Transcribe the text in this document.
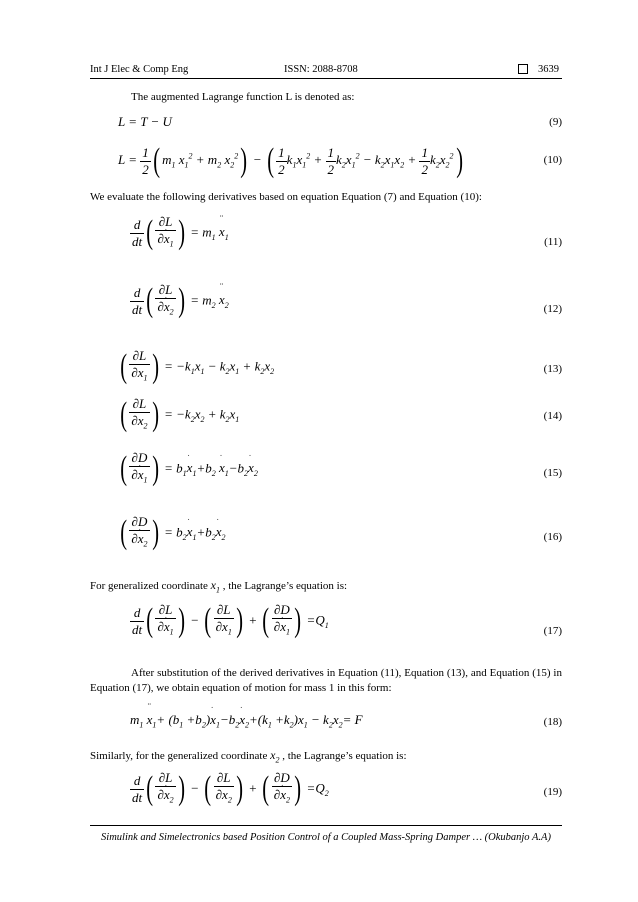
Int J Elec & Comp Eng	ISSN: 2088-8708	3639
The augmented Lagrange function L is denoted as:
L = T − U	(9)
$L = \frac{1}{2}$ ( $m_1$ $x_1^2 + m_2$ $x_2^2$) − ( $\frac{1}{2} k_1x_1^2 + \frac{1}{2} k_2x_1^2 - k_2x_1x_2 + \frac{1}{2} k_2x_2^2$)	(10)
We evaluate the following derivatives based on equation Equation (7) and Equation (10):
$\frac{d}{dt}$ ( $\frac{\partial L}{\partial\cdot x_1}$ ) = $m_1$ ¨ $x_1$	(11)
$\frac{d}{dt}$ ( $\frac{\partial L}{\partial\cdot x_2}$ ) = $m_2$ ¨ $x_2$	(12)
( $\frac{\partial L}{\partial x_1}$ ) = $-k_1x_1 - k_2x_1 + k_2x_2$	(13)
( $\frac{\partial L}{\partial x_2}$ ) = $-k_2x_2 + k_2x_1$	(14)
( $\frac{\partial D}{\partial\cdot x_1}$ ) = $b_1\cdot x_1+b_2 \cdot x_1-b_2\cdot x_2$	(15)
( $\frac{\partial D}{\partial\cdot x_2}$ ) = $b_2\cdot x_1+b_2\cdot x_2$	(16)
For generalized coordinate $x_1$ , the Lagrange’s equation is:
$\frac{d}{dt}$ ( $\frac{\partial L}{\partial\cdot x_1}$ ) − ( $\frac{\partial L}{\partial x_1}$ ) + ( $\frac{\partial D}{\partial\cdot x_1}$ ) $=Q_1$	(17)
After substitution of the derived derivatives in Equation (11), Equation (13), and Equation (15) in Equation (17), we obtain equation of motion for mass 1 in this form:
$m_1$ ¨ $x_1+ (b_1 +b_2)\cdot x_1-b_2\cdot x_2+(k_1 +k_2)x_1 - k_2x_2= F$	(18)
Similarly, for the generalized coordinate $x_2$ , the Lagrange’s equation is:
$\frac{d}{dt}$ ( $\frac{\partial L}{\partial\cdot x_2}$ ) − ( $\frac{\partial L}{\partial x_2}$ ) + ( $\frac{\partial D}{\partial\cdot x_2}$ ) $=Q_2$	(19)
Simulink and Simelectronics based Position Control of a Coupled Mass-Spring Damper … (Okubanjo A.A)
